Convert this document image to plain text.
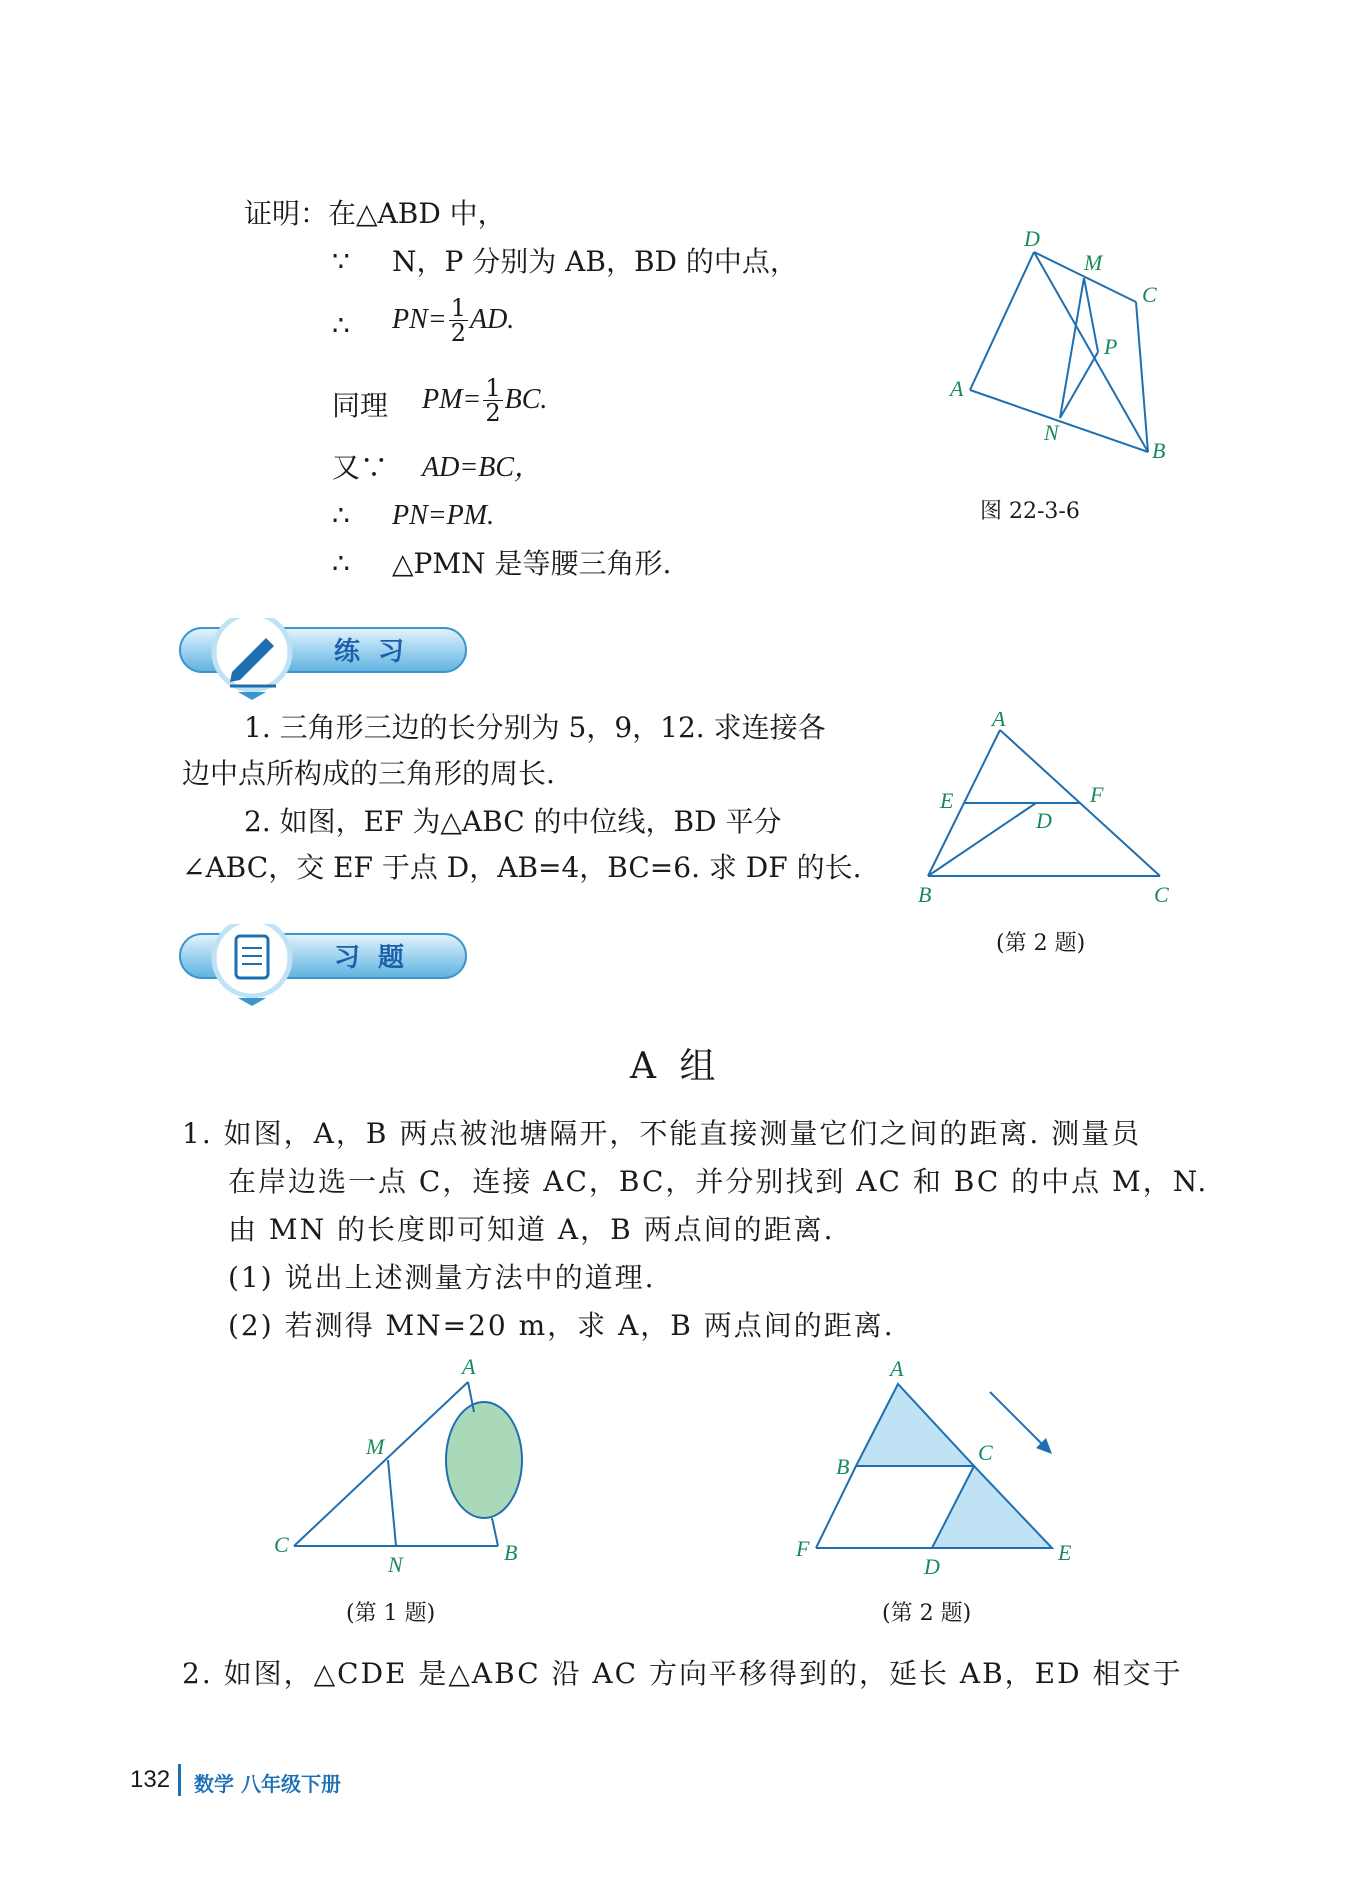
证明：在△ABD 中，
∵ N，P 分别为 AB，BD 的中点，
∴ $PN= \frac{1}{2}$ AD.
同理 $PM= \frac{1}{2}$ BC.
又∵ AD=BC，
∴ PN=PM.
∴ △PMN 是等腰三角形.
D
M
C
P
A
N
B
图 22-3-6
练习
1. 三角形三边的长分别为 5，9，12. 求连接各
边中点所构成的三角形的周长.
2. 如图，EF 为△ABC 的中位线，BD 平分
∠ABC，交 EF 于点 D，AB=4，BC=6. 求 DF 的长.
A
E	F
D
B	C
(第 2 题)
习题
A 组
1. 如图，A，B 两点被池塘隔开，不能直接测量它们之间的距离. 测量员
在岸边选一点 C，连接 AC，BC，并分别找到 AC 和 BC 的中点 M，N.
由 MN 的长度即可知道 A，B 两点间的距离.
(1) 说出上述测量方法中的道理.
(2) 若测得 MN=20 m，求 A，B 两点间的距离.
A
M
C
N	B
(第 1 题)
A
B
C
F
D
E
(第 2 题)
2. 如图，△CDE 是△ABC 沿 AC 方向平移得到的，延长 AB，ED 相交于
132 数学 八年级下册
